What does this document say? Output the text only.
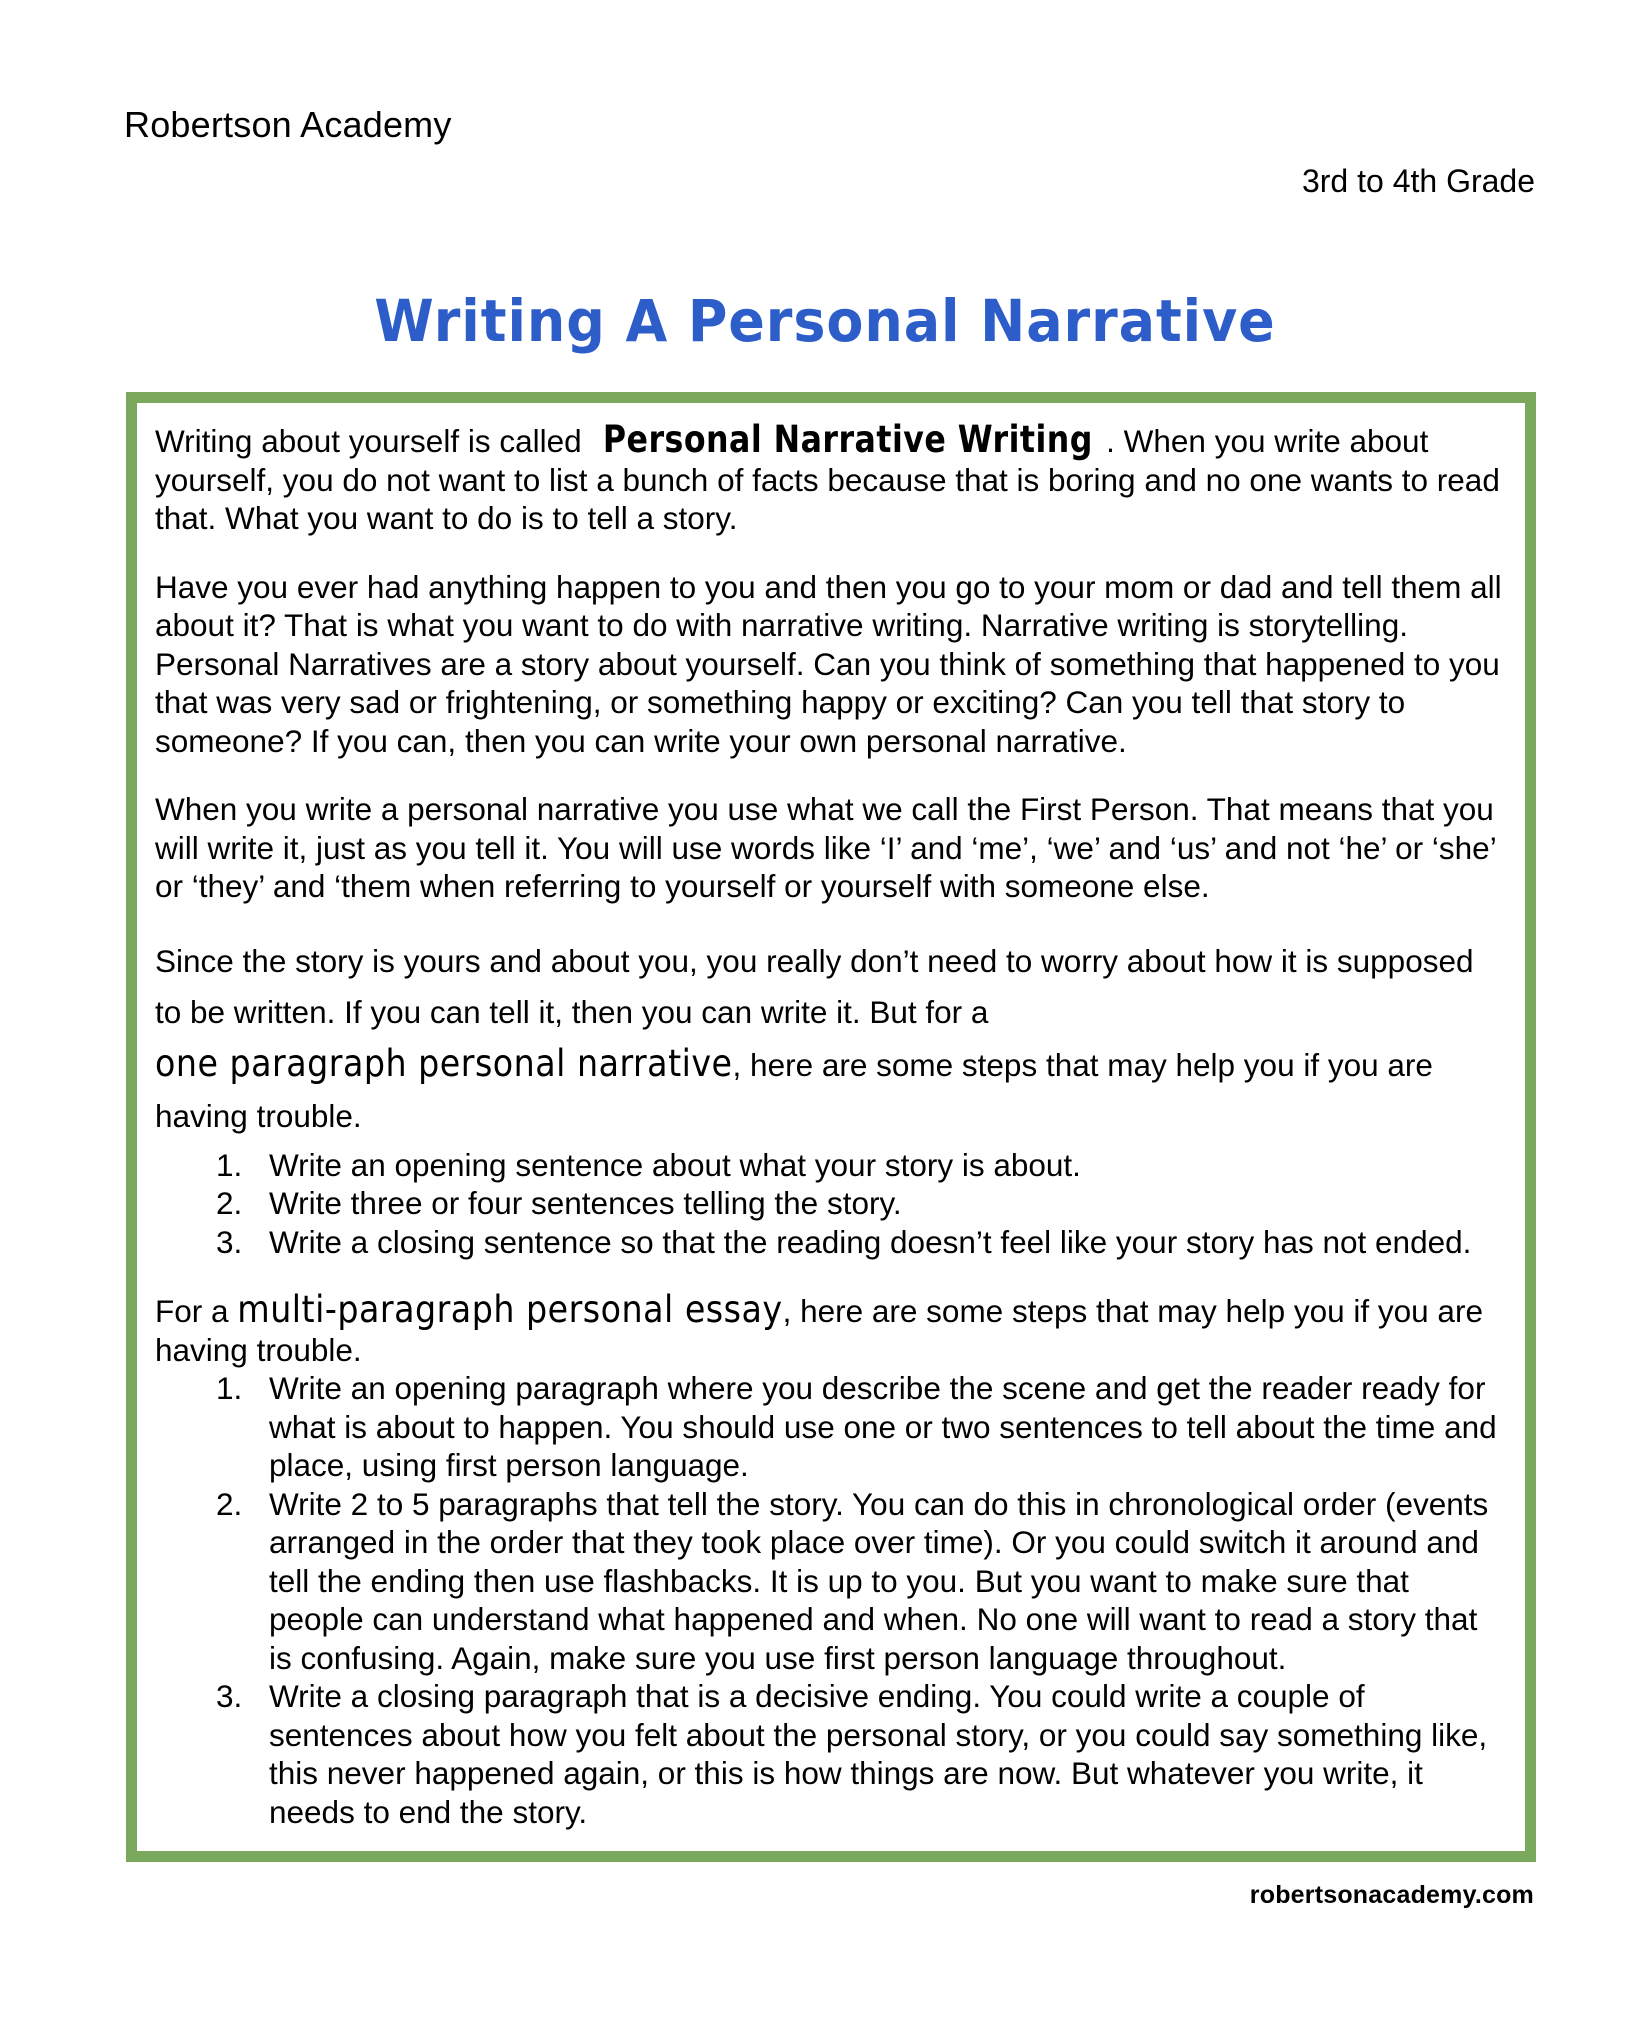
Robertson Academy
3rd to 4th Grade
Writing A Personal Narrative

Writing about yourself is called Personal Narrative Writing . When you write about yourself, you do not want to list a bunch of facts because that is boring and no one wants to read that. What you want to do is to tell a story.

Have you ever had anything happen to you and then you go to your mom or dad and tell them all about it? That is what you want to do with narrative writing. Narrative writing is storytelling. Personal Narratives are a story about yourself. Can you think of something that happened to you that was very sad or frightening, or something happy or exciting? Can you tell that story to someone? If you can, then you can write your own personal narrative.

When you write a personal narrative you use what we call the First Person. That means that you will write it, just as you tell it. You will use words like ‘I’ and ‘me’, ‘we’ and ‘us’ and not ‘he’ or ‘she’ or ‘they’ and ‘them when referring to yourself or yourself with someone else.

Since the story is yours and about you, you really don’t need to worry about how it is supposed to be written. If you can tell it, then you can write it. But for a one paragraph personal narrative, here are some steps that may help you if you are having trouble.

1. Write an opening sentence about what your story is about.
2. Write three or four sentences telling the story.
3. Write a closing sentence so that the reading doesn’t feel like your story has not ended.

For a multi-paragraph personal essay, here are some steps that may help you if you are having trouble.

1. Write an opening paragraph where you describe the scene and get the reader ready for what is about to happen. You should use one or two sentences to tell about the time and place, using first person language.
2. Write 2 to 5 paragraphs that tell the story. You can do this in chronological order (events arranged in the order that they took place over time). Or you could switch it around and tell the ending then use flashbacks. It is up to you. But you want to make sure that people can understand what happened and when. No one will want to read a story that is confusing. Again, make sure you use first person language throughout.
3. Write a closing paragraph that is a decisive ending. You could write a couple of sentences about how you felt about the personal story, or you could say something like, this never happened again, or this is how things are now. But whatever you write, it needs to end the story.
robertsonacademy.com
